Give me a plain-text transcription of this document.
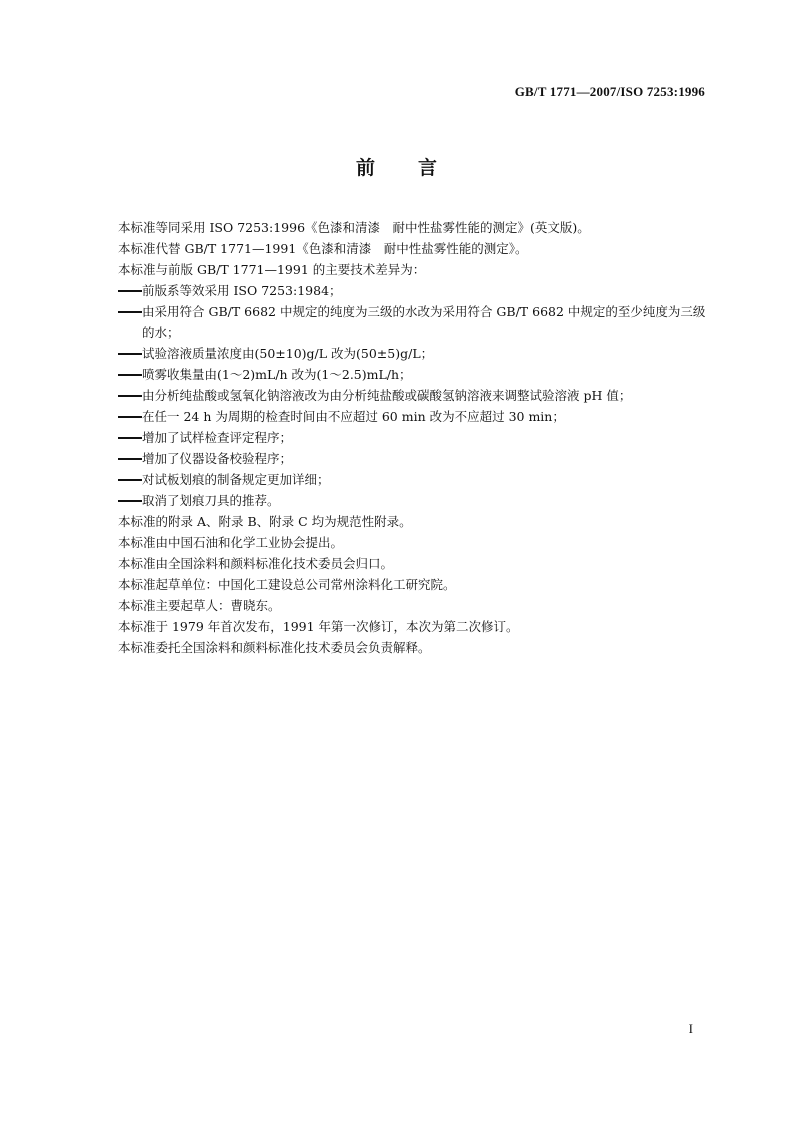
GB/T 1771—2007/ISO 7253:1996
前 言
本标准等同采用 ISO 7253:1996《色漆和清漆　耐中性盐雾性能的测定》(英文版)。
本标准代替 GB/T 1771—1991《色漆和清漆　耐中性盐雾性能的测定》。
本标准与前版 GB/T 1771—1991 的主要技术差异为：
前版系等效采用 ISO 7253:1984；
由采用符合 GB/T 6682 中规定的纯度为三级的水改为采用符合 GB/T 6682 中规定的至少纯度为三级的水；
试验溶液质量浓度由(50±10)g/L 改为(50±5)g/L；
喷雾收集量由(1～2)mL/h 改为(1～2.5)mL/h；
由分析纯盐酸或氢氧化钠溶液改为由分析纯盐酸或碳酸氢钠溶液来调整试验溶液 pH 值；
在任一 24 h 为周期的检查时间由不应超过 60 min 改为不应超过 30 min；
增加了试样检查评定程序；
增加了仪器设备校验程序；
对试板划痕的制备规定更加详细；
取消了划痕刀具的推荐。
本标准的附录 A、附录 B、附录 C 均为规范性附录。
本标准由中国石油和化学工业协会提出。
本标准由全国涂料和颜料标准化技术委员会归口。
本标准起草单位：中国化工建设总公司常州涂料化工研究院。
本标准主要起草人：曹晓东。
本标准于 1979 年首次发布，1991 年第一次修订，本次为第二次修订。
本标准委托全国涂料和颜料标准化技术委员会负责解释。
I
